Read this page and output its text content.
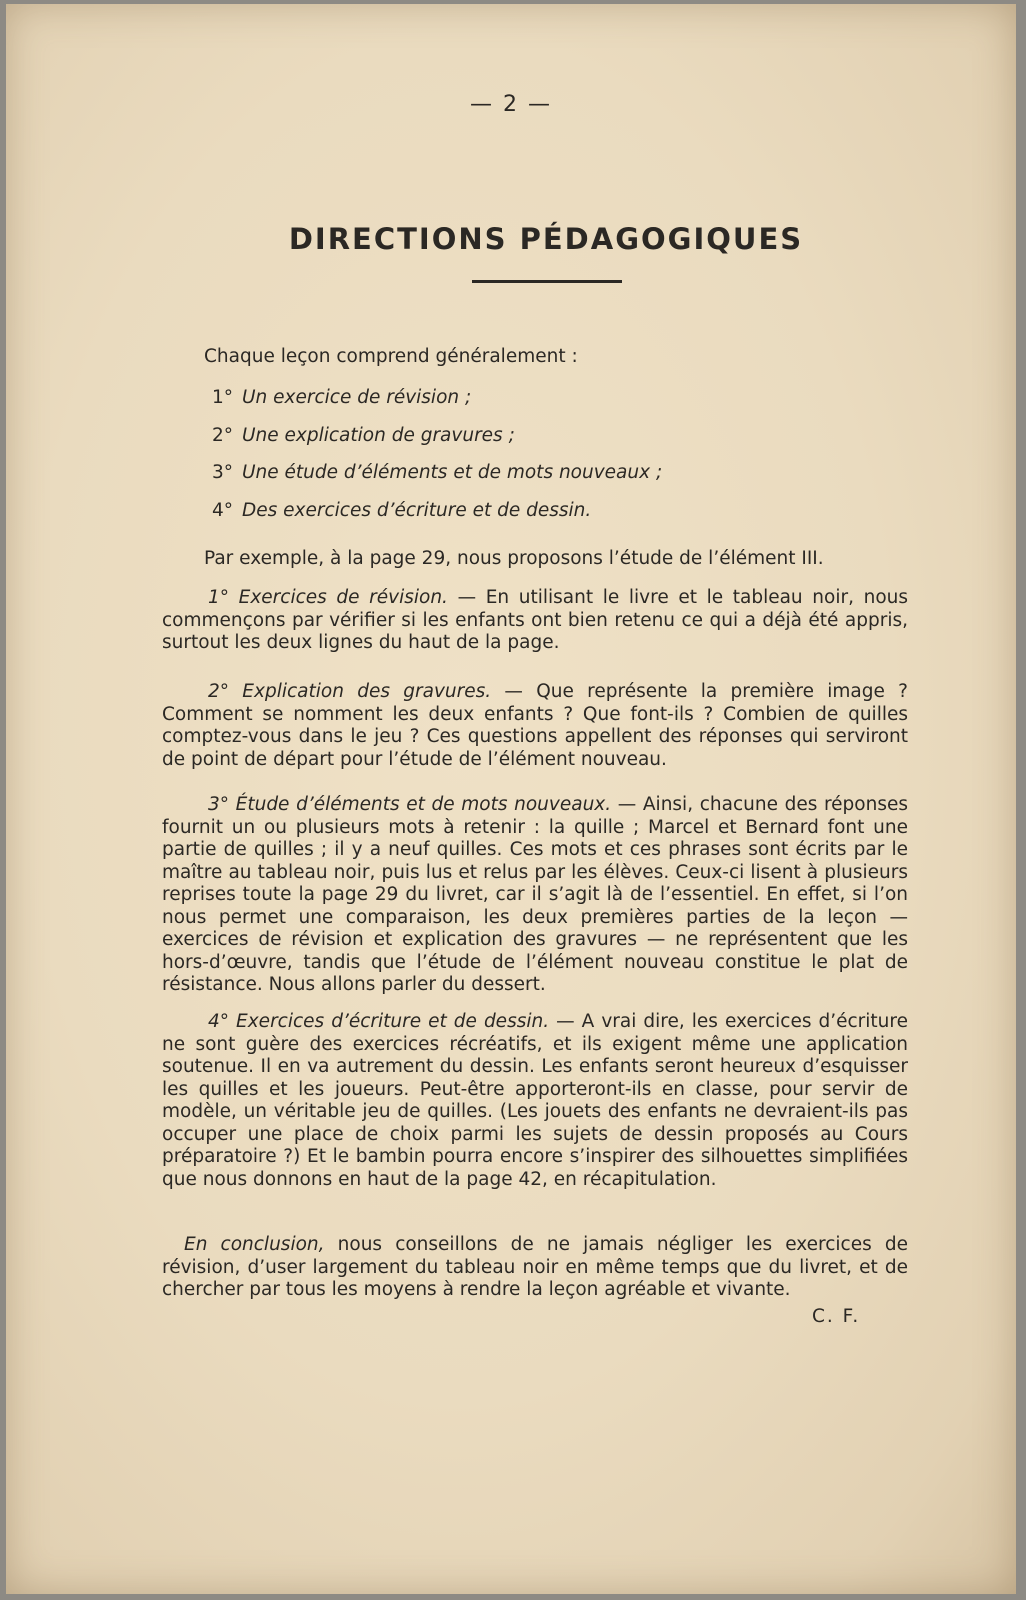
— 2 —
DIRECTIONS PÉDAGOGIQUES
Chaque leçon comprend généralement :
1° Un exercice de révision ;
2° Une explication de gravures ;
3° Une étude d’éléments et de mots nouveaux ;
4° Des exercices d’écriture et de dessin.
Par exemple, à la page 29, nous proposons l’étude de l’élément III.
1° Exercices de révision. — En utilisant le livre et le tableau noir, nous commençons par vérifier si les enfants ont bien retenu ce qui a déjà été appris, surtout les deux lignes du haut de la page.
2° Explication des gravures. — Que représente la première image ? Comment se nomment les deux enfants ? Que font-ils ? Combien de quilles comptez-vous dans le jeu ? Ces questions appellent des réponses qui serviront de point de départ pour l’étude de l’élément nouveau.
3° Étude d’éléments et de mots nouveaux. — Ainsi, chacune des réponses fournit un ou plusieurs mots à retenir : la quille ; Marcel et Bernard font une partie de quilles ; il y a neuf quilles. Ces mots et ces phrases sont écrits par le maître au tableau noir, puis lus et relus par les élèves. Ceux-ci lisent à plusieurs reprises toute la page 29 du livret, car il s’agit là de l’essentiel. En effet, si l’on nous permet une comparaison, les deux premières parties de la leçon — exercices de révision et explication des gravures — ne représentent que les hors-d’œuvre, tandis que l’étude de l’élément nouveau constitue le plat de résistance. Nous allons parler du dessert.
4° Exercices d’écriture et de dessin. — A vrai dire, les exercices d’écriture ne sont guère des exercices récréatifs, et ils exigent même une application soutenue. Il en va autrement du dessin. Les enfants seront heureux d’esquisser les quilles et les joueurs. Peut-être apporteront-ils en classe, pour servir de modèle, un véritable jeu de quilles. (Les jouets des enfants ne devraient-ils pas occuper une place de choix parmi les sujets de dessin proposés au Cours préparatoire ?) Et le bambin pourra encore s’inspirer des silhouettes simplifiées que nous donnons en haut de la page 42, en récapitulation.
En conclusion, nous conseillons de ne jamais négliger les exercices de révision, d’user largement du tableau noir en même temps que du livret, et de chercher par tous les moyens à rendre la leçon agréable et vivante.
C. F.
